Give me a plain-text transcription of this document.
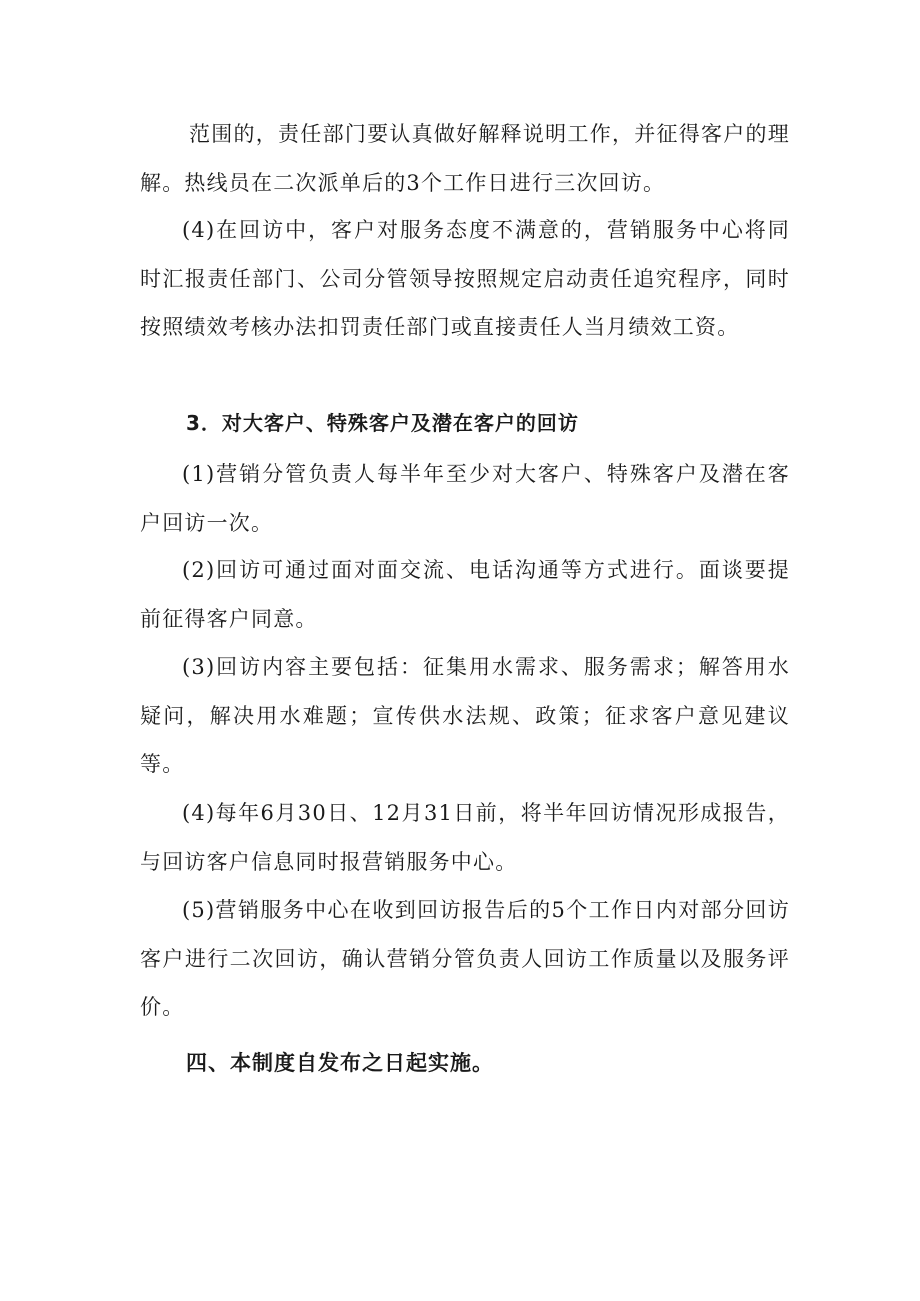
范围的，责任部门要认真做好解释说明工作，并征得客户的理解。热线员在二次派单后的3个工作日进行三次回访。

(4)在回访中，客户对服务态度不满意的，营销服务中心将同时汇报责任部门、公司分管领导按照规定启动责任追究程序，同时按照绩效考核办法扣罚责任部门或直接责任人当月绩效工资。

3．对大客户、特殊客户及潜在客户的回访

(1)营销分管负责人每半年至少对大客户、特殊客户及潜在客户回访一次。

(2)回访可通过面对面交流、电话沟通等方式进行。面谈要提前征得客户同意。

(3)回访内容主要包括：征集用水需求、服务需求；解答用水疑问，解决用水难题；宣传供水法规、政策；征求客户意见建议等。

(4)每年6月30日、12月31日前，将半年回访情况形成报告，与回访客户信息同时报营销服务中心。

(5)营销服务中心在收到回访报告后的5个工作日内对部分回访客户进行二次回访，确认营销分管负责人回访工作质量以及服务评价。

四、本制度自发布之日起实施。
